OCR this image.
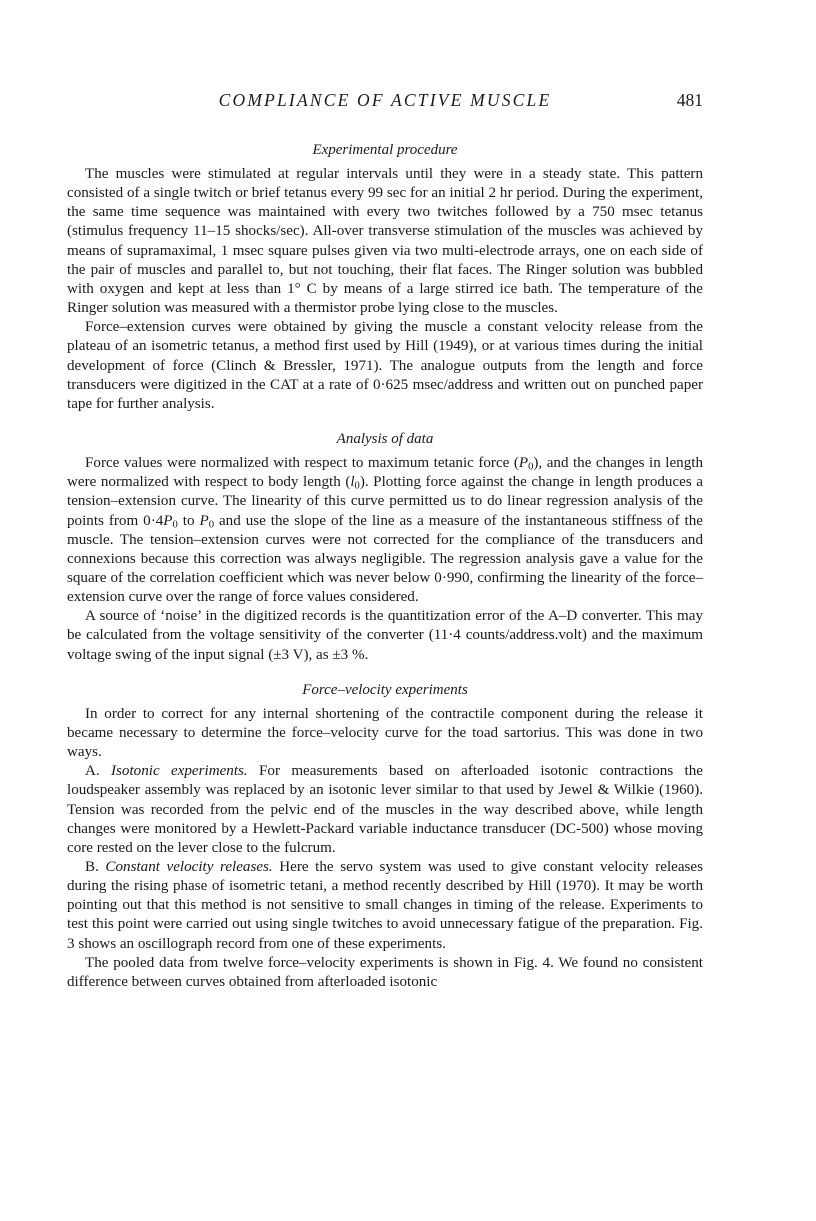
COMPLIANCE OF ACTIVE MUSCLE	481
Experimental procedure

The muscles were stimulated at regular intervals until they were in a steady state. This pattern consisted of a single twitch or brief tetanus every 99 sec for an initial 2 hr period. During the experiment, the same time sequence was maintained with every two twitches followed by a 750 msec tetanus (stimulus frequency 11–15 shocks/sec). All-over transverse stimulation of the muscles was achieved by means of supramaximal, 1 msec square pulses given via two multi-electrode arrays, one on each side of the pair of muscles and parallel to, but not touching, their flat faces. The Ringer solution was bubbled with oxygen and kept at less than 1° C by means of a large stirred ice bath. The temperature of the Ringer solution was measured with a thermistor probe lying close to the muscles.

Force–extension curves were obtained by giving the muscle a constant velocity release from the plateau of an isometric tetanus, a method first used by Hill (1949), or at various times during the initial development of force (Clinch & Bressler, 1971). The analogue outputs from the length and force transducers were digitized in the CAT at a rate of 0·625 msec/address and written out on punched paper tape for further analysis.

Analysis of data

Force values were normalized with respect to maximum tetanic force $(P_0)$, and the changes in length were normalized with respect to body length $(l_0)$. Plotting force against the change in length produces a tension–extension curve. The linearity of this curve permitted us to do linear regression analysis of the points from $0\cdot 4P_0$ to $P_0$ and use the slope of the line as a measure of the instantaneous stiffness of the muscle. The tension–extension curves were not corrected for the compliance of the transducers and connexions because this correction was always negligible. The regression analysis gave a value for the square of the correlation coefficient which was never below 0·990, confirming the linearity of the force–extension curve over the range of force values considered.

A source of ‘noise’ in the digitized records is the quantitization error of the A–D converter. This may be calculated from the voltage sensitivity of the converter (11·4 counts/address.volt) and the maximum voltage swing of the input signal (±3 V), as ±3 %.

Force–velocity experiments

In order to correct for any internal shortening of the contractile component during the release it became necessary to determine the force–velocity curve for the toad sartorius. This was done in two ways.

A. Isotonic experiments. For measurements based on afterloaded isotonic contractions the loudspeaker assembly was replaced by an isotonic lever similar to that used by Jewel & Wilkie (1960). Tension was recorded from the pelvic end of the muscles in the way described above, while length changes were monitored by a Hewlett-Packard variable inductance transducer (DC-500) whose moving core rested on the lever close to the fulcrum.

B. Constant velocity releases. Here the servo system was used to give constant velocity releases during the rising phase of isometric tetani, a method recently described by Hill (1970). It may be worth pointing out that this method is not sensitive to small changes in timing of the release. Experiments to test this point were carried out using single twitches to avoid unnecessary fatigue of the preparation. Fig. 3 shows an oscillograph record from one of these experiments.

The pooled data from twelve force–velocity experiments is shown in Fig. 4. We found no consistent difference between curves obtained from afterloaded isotonic
